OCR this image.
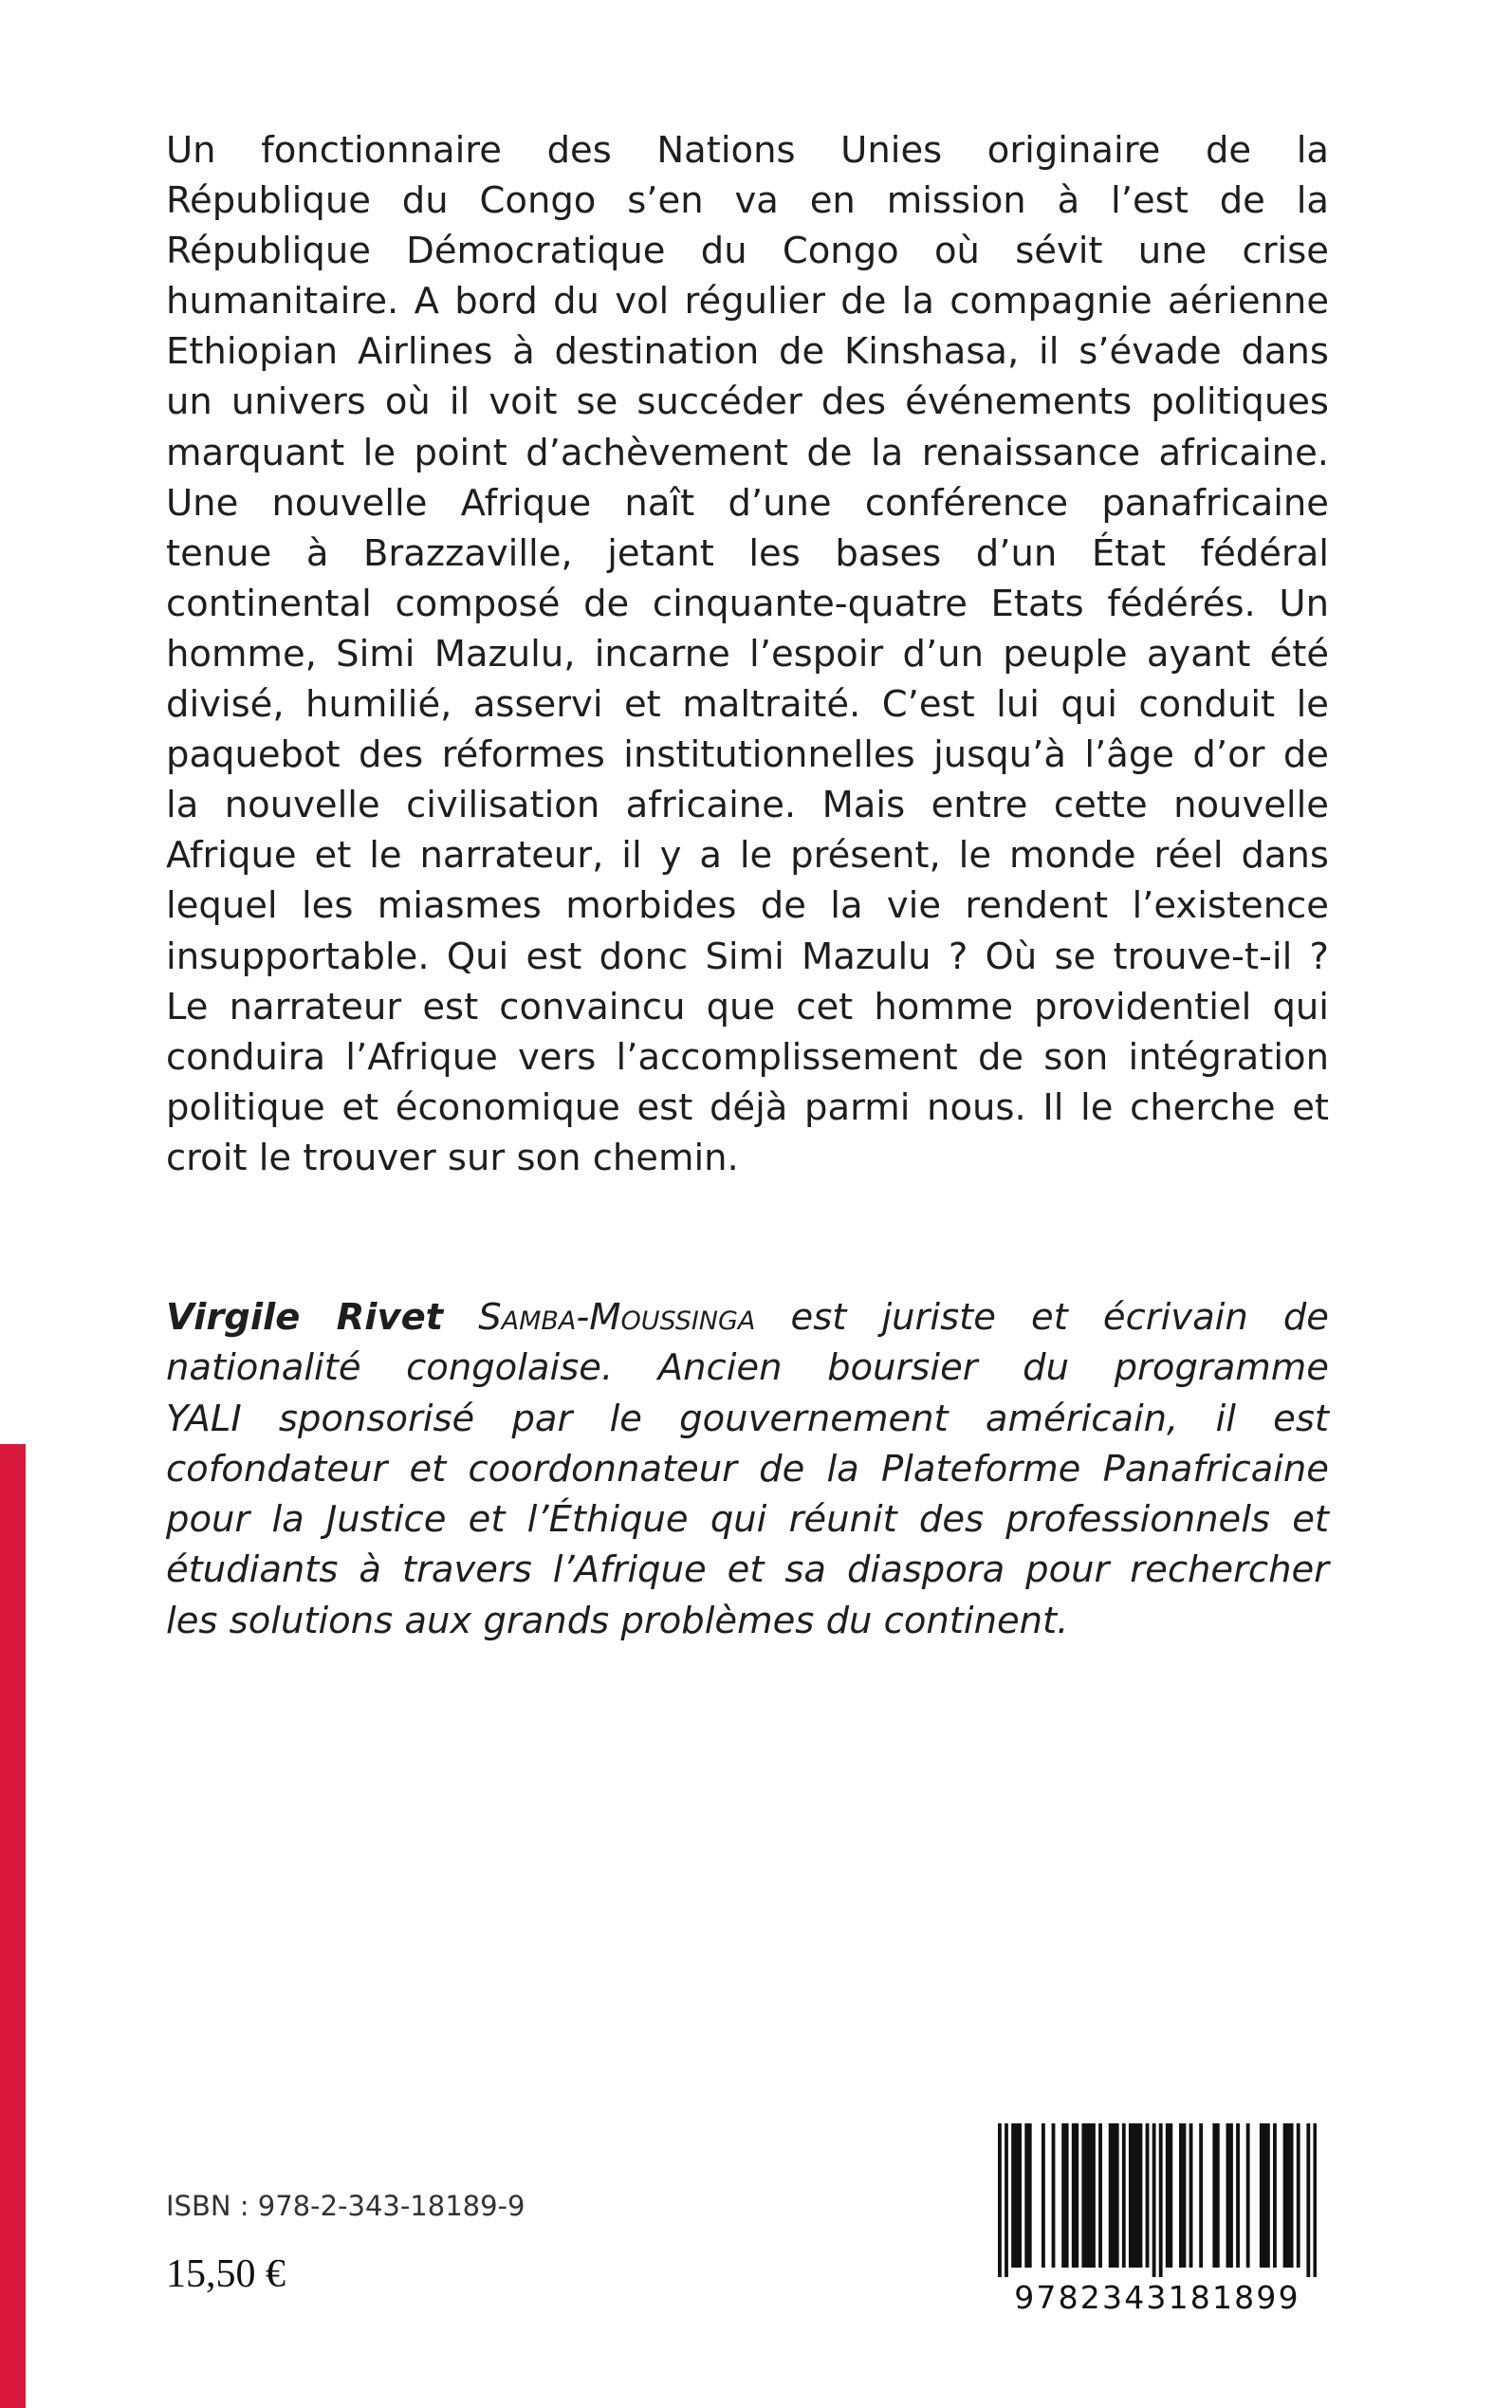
Un fonctionnaire des Nations Unies originaire de la
République du Congo s’en va en mission à l’est de la
République Démocratique du Congo où sévit une crise
humanitaire. A bord du vol régulier de la compagnie aérienne
Ethiopian Airlines à destination de Kinshasa, il s’évade dans
un univers où il voit se succéder des événements politiques
marquant le point d’achèvement de la renaissance africaine.
Une nouvelle Afrique naît d’une conférence panafricaine
tenue à Brazzaville, jetant les bases d’un État fédéral
continental composé de cinquante-quatre Etats fédérés. Un
homme, Simi Mazulu, incarne l’espoir d’un peuple ayant été
divisé, humilié, asservi et maltraité. C’est lui qui conduit le
paquebot des réformes institutionnelles jusqu’à l’âge d’or de
la nouvelle civilisation africaine. Mais entre cette nouvelle
Afrique et le narrateur, il y a le présent, le monde réel dans
lequel les miasmes morbides de la vie rendent l’existence
insupportable. Qui est donc Simi Mazulu ? Où se trouve-t-il ?
Le narrateur est convaincu que cet homme providentiel qui
conduira l’Afrique vers l’accomplissement de son intégration
politique et économique est déjà parmi nous. Il le cherche et
croit le trouver sur son chemin.
Virgile Rivet Samba-Moussinga est juriste et écrivain de
nationalité congolaise. Ancien boursier du programme
YALI sponsorisé par le gouvernement américain, il est
cofondateur et coordonnateur de la Plateforme Panafricaine
pour la Justice et l’Éthique qui réunit des professionnels et
étudiants à travers l’Afrique et sa diaspora pour rechercher
les solutions aux grands problèmes du continent.
ISBN : 978-2-343-18189-9
15,50 €
9782343181899
